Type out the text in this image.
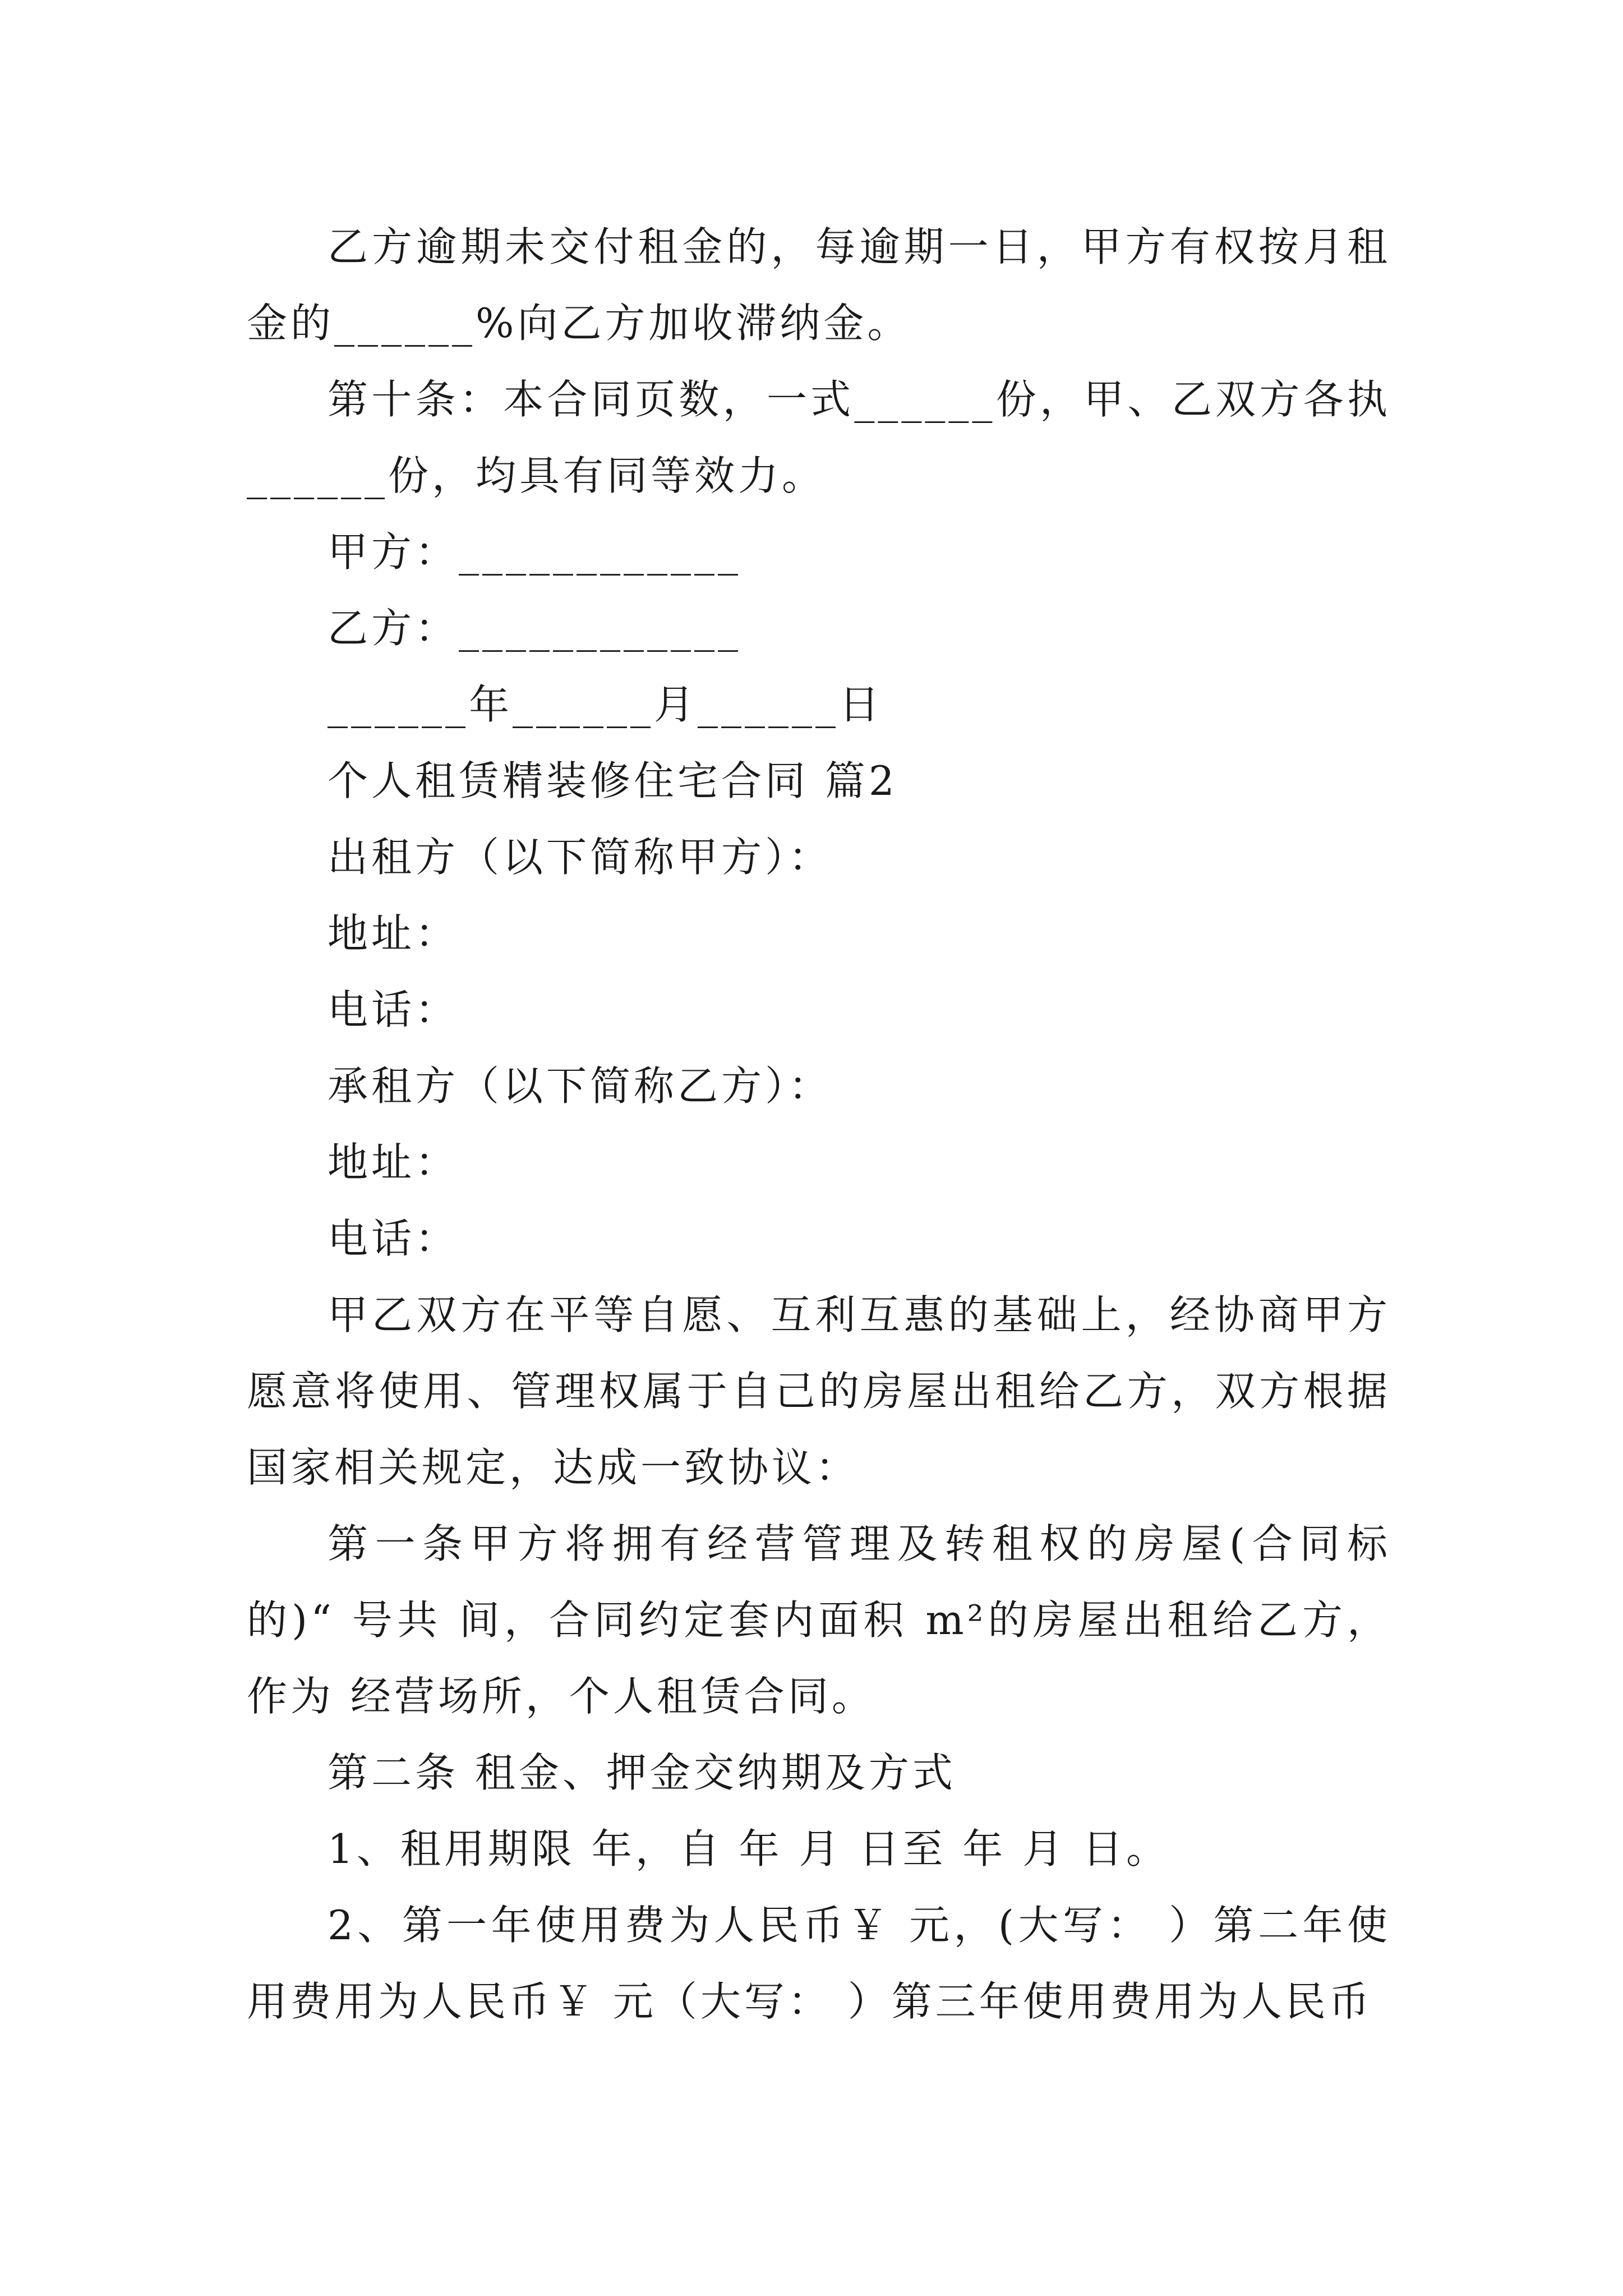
乙方逾期未交付租金的，每逾期一日，甲方有权按月租金的______%向乙方加收滞纳金。

第十条：本合同页数，一式______份，甲、乙双方各执______份，均具有同等效力。

甲方：____________

乙方：____________

______年______月______日

个人租赁精装修住宅合同 篇2

出租方（以下简称甲方）：

地址：

电话：

承租方（以下简称乙方）：

地址：

电话：

甲乙双方在平等自愿、互利互惠的基础上，经协商甲方愿意将使用、管理权属于自己的房屋出租给乙方，双方根据国家相关规定，达成一致协议：

第一条甲方将拥有经营管理及转租权的房屋(合同标的)“ 号共 间，合同约定套内面积 m²的房屋出租给乙方，作为 经营场所，个人租赁合同。

第二条 租金、押金交纳期及方式

1、租用期限 年，自 年 月 日至 年 月 日。

2、第一年使用费为人民币￥ 元，(大写： ）第二年使用费用为人民币￥ 元（大写： ）第三年使用费用为人民币
